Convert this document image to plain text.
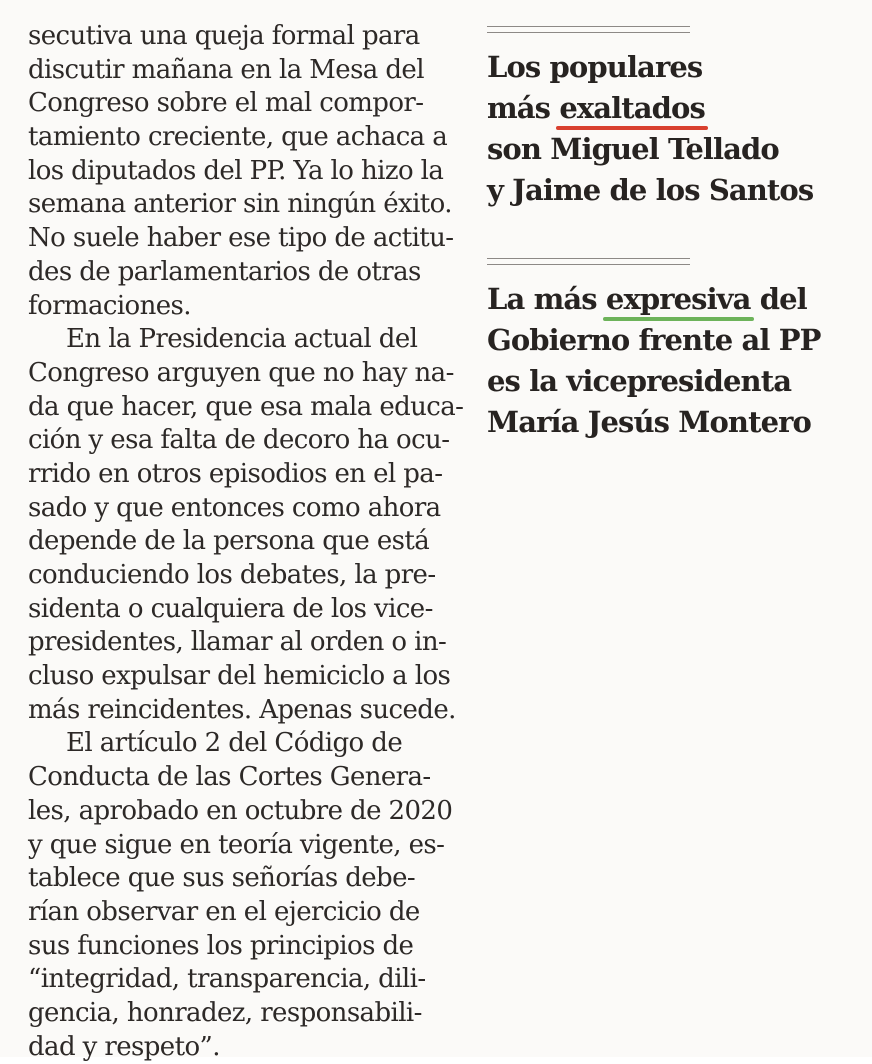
secutiva una queja formal para
discutir mañana en la Mesa del
Congreso sobre el mal compor-
tamiento creciente, que achaca a
los diputados del PP. Ya lo hizo la
semana anterior sin ningún éxito.
No suele haber ese tipo de actitu-
des de parlamentarios de otras
formaciones.
En la Presidencia actual del
Congreso arguyen que no hay na-
da que hacer, que esa mala educa-
ción y esa falta de decoro ha ocu-
rrido en otros episodios en el pa-
sado y que entonces como ahora
depende de la persona que está
conduciendo los debates, la pre-
sidenta o cualquiera de los vice-
presidentes, llamar al orden o in-
cluso expulsar del hemiciclo a los
más reincidentes. Apenas sucede.
El artículo 2 del Código de
Conducta de las Cortes Genera-
les, aprobado en octubre de 2020
y que sigue en teoría vigente, es-
tablece que sus señorías debe-
rían observar en el ejercicio de
sus funciones los principios de
“integridad, transparencia, dili-
gencia, honradez, responsabili-
dad y respeto”.
Los populares
más exaltados
son Miguel Tellado
y Jaime de los Santos
La más expresiva del
Gobierno frente al PP
es la vicepresidenta
María Jesús Montero
